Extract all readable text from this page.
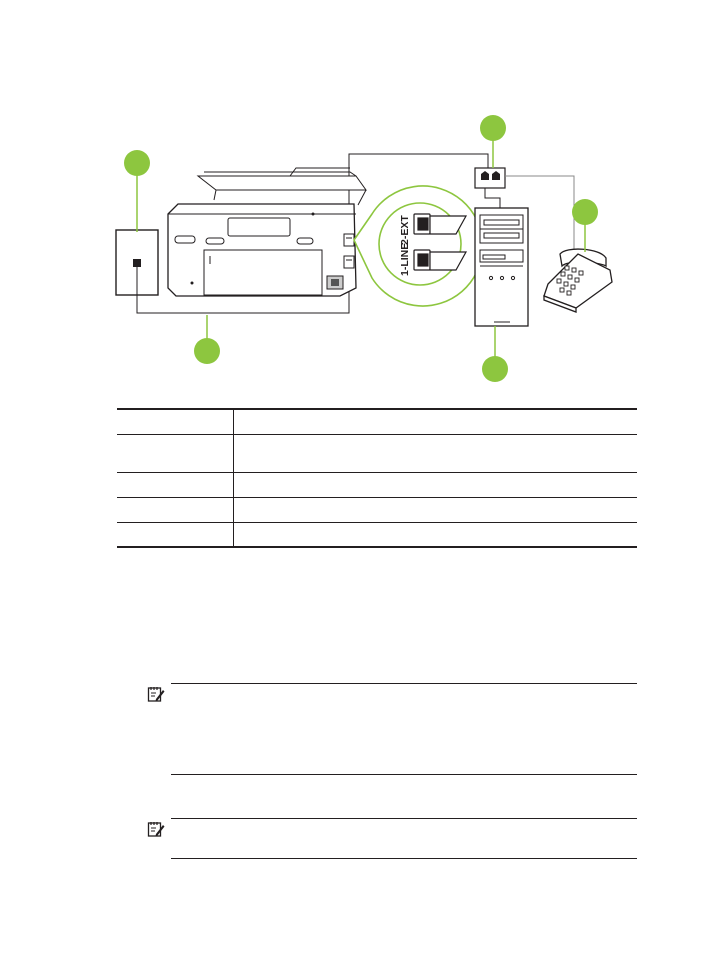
1-LINE
2-EXT
